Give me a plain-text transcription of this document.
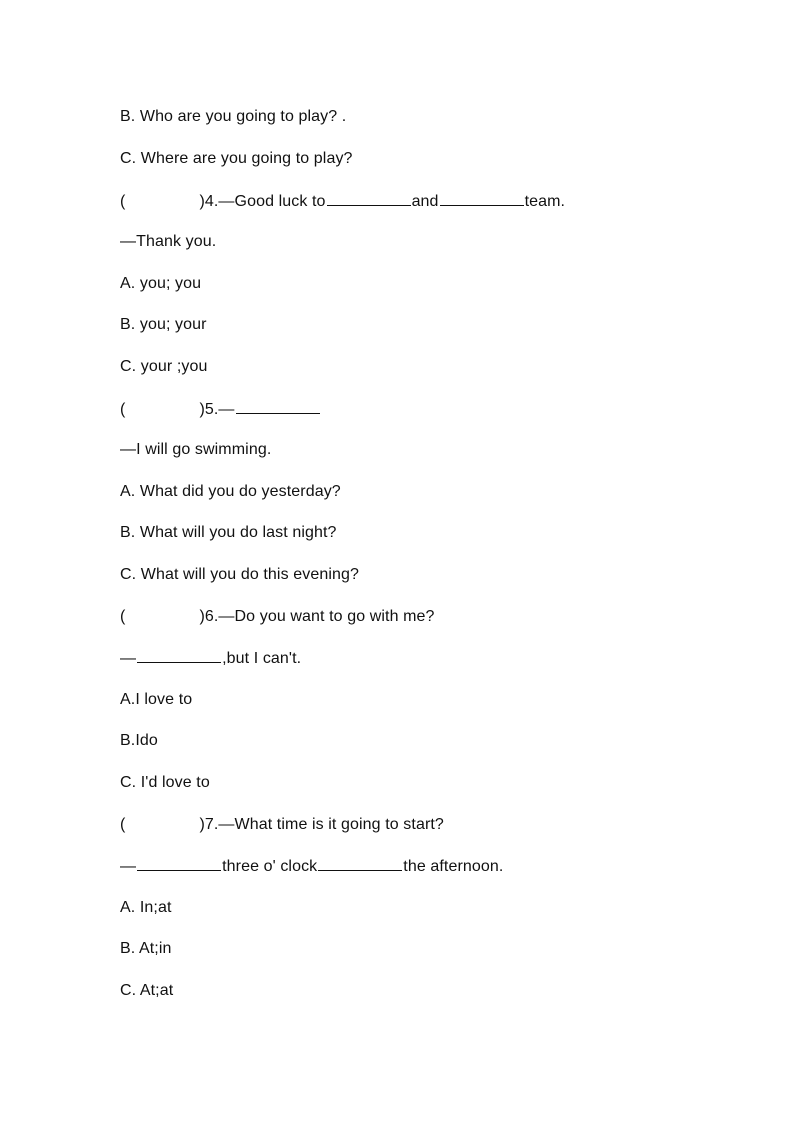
B. Who are you going to play? .
C. Where are you going to play?
(	)4.—Good luck to	and	team.
—Thank you.
A. you; you
B. you; your
C. your ;you
(	)5.—
—I will go swimming.
A. What did you do yesterday?
B. What will you do last night?
C. What will you do this evening?
(	)6.—Do you want to go with me?
—	,but I can't.
A.I love to
B.Ido
C. I'd love to
(	)7.—What time is it going to start?
—	three o' clock	the afternoon.
A. In;at
B. At;in
C. At;at
